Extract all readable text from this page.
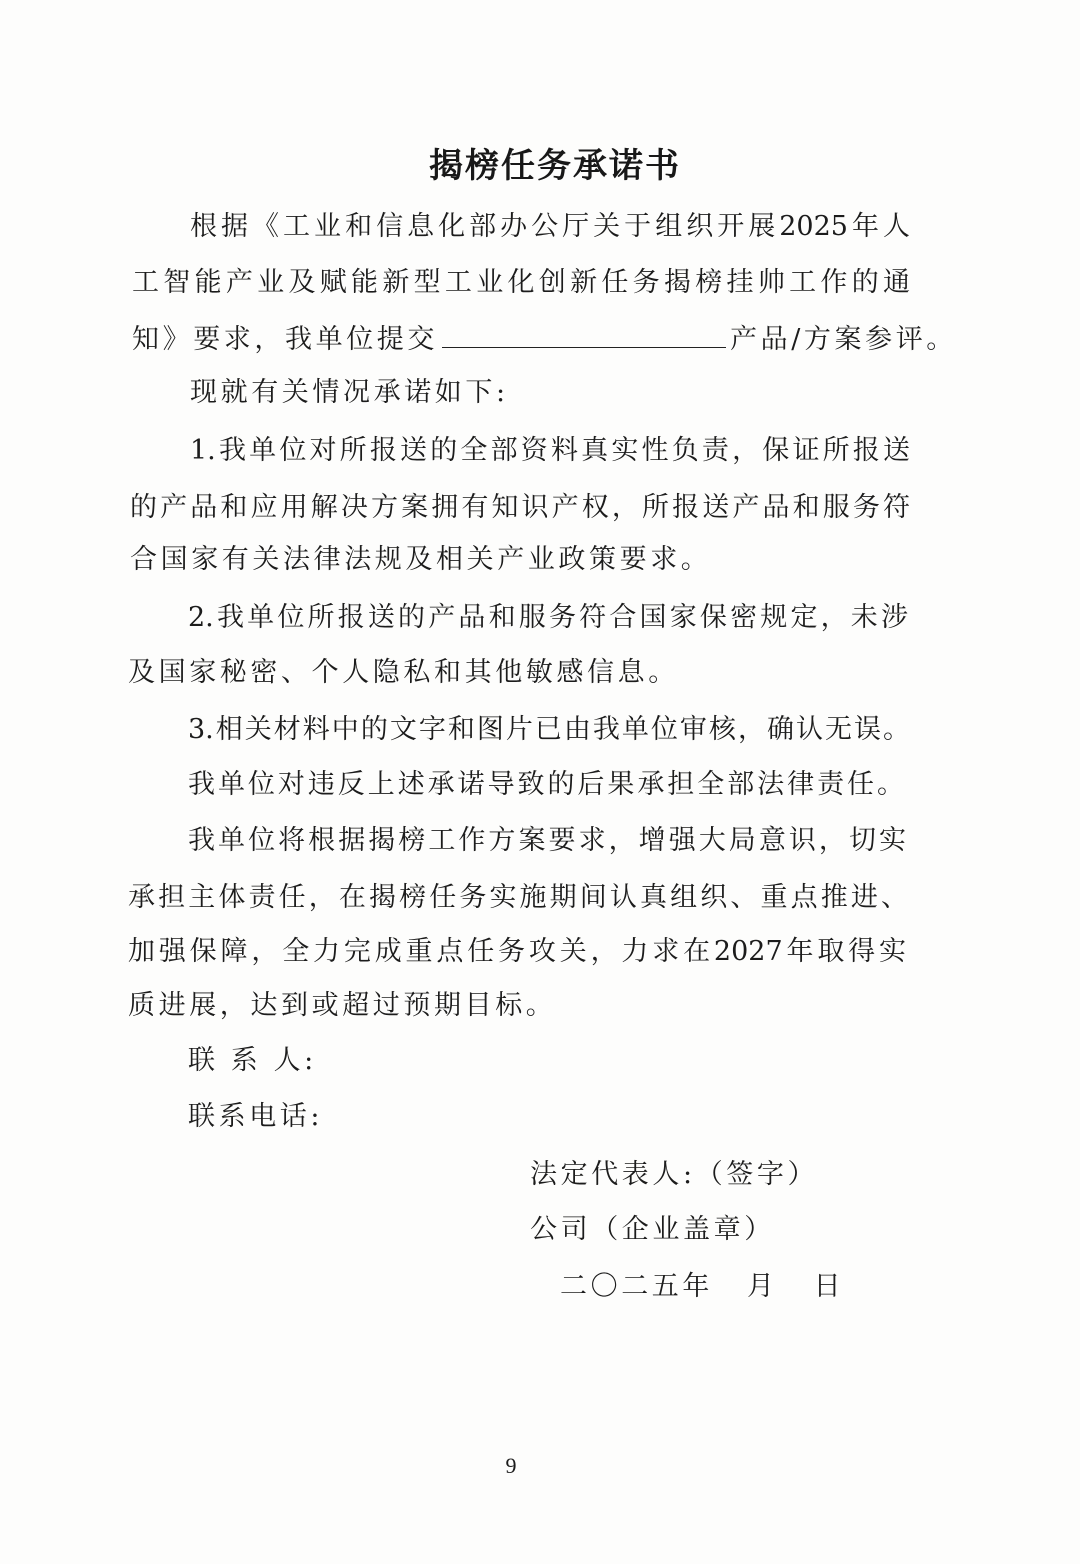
揭榜任务承诺书
根据《工业和信息化部办公厅关于组织开展2025年人
工智能产业及赋能新型工业化创新任务揭榜挂帅工作的通
知》要求，我单位提交	产品/方案参评。
现就有关情况承诺如下:
1.我单位对所报送的全部资料真实性负责，保证所报送
的产品和应用解决方案拥有知识产权，所报送产品和服务符
合国家有关法律法规及相关产业政策要求。
2.我单位所报送的产品和服务符合国家保密规定，未涉
及国家秘密、个人隐私和其他敏感信息。
3.相关材料中的文字和图片已由我单位审核，确认无误。
我单位对违反上述承诺导致的后果承担全部法律责任。
我单位将根据揭榜工作方案要求，增强大局意识，切实
承担主体责任，在揭榜任务实施期间认真组织、重点推进、
加强保障，全力完成重点任务攻关，力求在2027年取得实
质进展，达到或超过预期目标。
联 系 人:
联系电话:
法定代表人:（签字）
公司（企业盖章）
二〇二五年 月 日
9
